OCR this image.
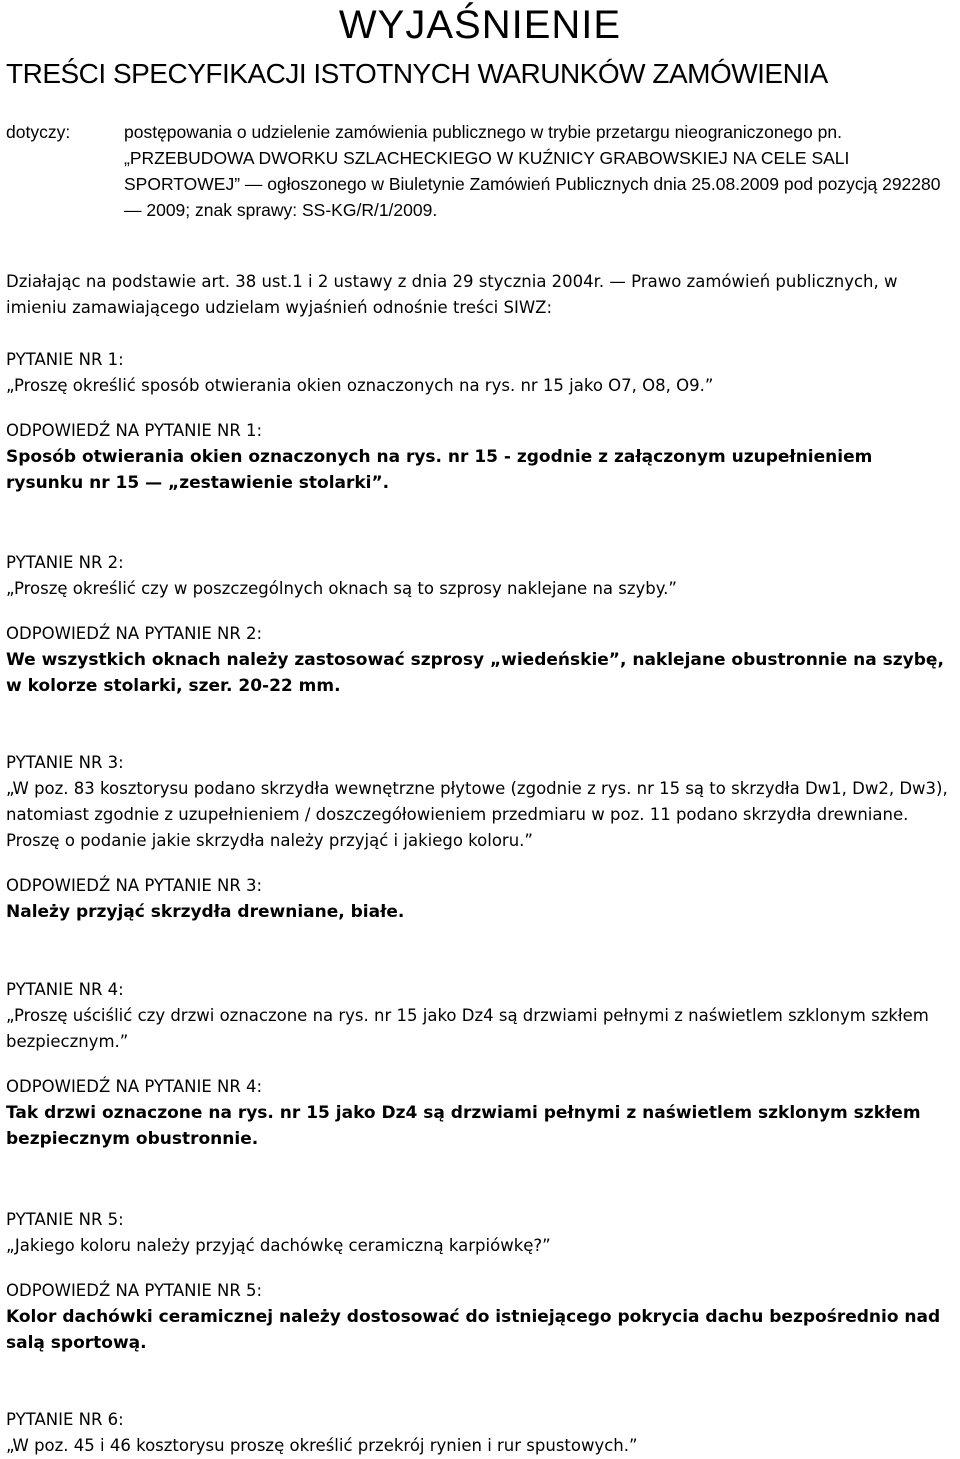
WYJAŚNIENIE
TREŚCI SPECYFIKACJI ISTOTNYCH WARUNKÓW ZAMÓWIENIA
dotyczy:	postępowania o udzielenie zamówienia publicznego w trybie przetargu nieograniczonego pn. „PRZEBUDOWA DWORKU SZLACHECKIEGO W KUŹNICY GRABOWSKIEJ NA CELE SALI SPORTOWEJ” — ogłoszonego w Biuletynie Zamówień Publicznych dnia 25.08.2009 pod pozycją 292280 — 2009; znak sprawy: SS-KG/R/1/2009.
Działając na podstawie art. 38 ust.1 i 2 ustawy z dnia 29 stycznia 2004r. — Prawo zamówień publicznych, w imieniu zamawiającego udzielam wyjaśnień odnośnie treści SIWZ:
PYTANIE NR 1:
„Proszę określić sposób otwierania okien oznaczonych na rys. nr 15 jako O7, O8, O9.”
ODPOWIEDŹ NA PYTANIE NR 1:
Sposób otwierania okien oznaczonych na rys. nr 15 - zgodnie z załączonym uzupełnieniem rysunku nr 15 — „zestawienie stolarki”.
PYTANIE NR 2:
„Proszę określić czy w poszczególnych oknach są to szprosy naklejane na szyby.”
ODPOWIEDŹ NA PYTANIE NR 2:
We wszystkich oknach należy zastosować szprosy „wiedeńskie”, naklejane obustronnie na szybę, w kolorze stolarki, szer. 20-22 mm.
PYTANIE NR 3:
„W poz. 83 kosztorysu podano skrzydła wewnętrzne płytowe (zgodnie z rys. nr 15 są to skrzydła Dw1, Dw2, Dw3), natomiast zgodnie z uzupełnieniem / doszczegółowieniem przedmiaru w poz. 11 podano skrzydła drewniane. Proszę o podanie jakie skrzydła należy przyjąć i jakiego koloru.”
ODPOWIEDŹ NA PYTANIE NR 3:
Należy przyjąć skrzydła drewniane, białe.
PYTANIE NR 4:
„Proszę uściślić czy drzwi oznaczone na rys. nr 15 jako Dz4 są drzwiami pełnymi z naświetlem szklonym szkłem bezpiecznym.”
ODPOWIEDŹ NA PYTANIE NR 4:
Tak drzwi oznaczone na rys. nr 15 jako Dz4 są drzwiami pełnymi z naświetlem szklonym szkłem bezpiecznym obustronnie.
PYTANIE NR 5:
„Jakiego koloru należy przyjąć dachówkę ceramiczną karpiówkę?”
ODPOWIEDŹ NA PYTANIE NR 5:
Kolor dachówki ceramicznej należy dostosować do istniejącego pokrycia dachu bezpośrednio nad salą sportową.
PYTANIE NR 6:
„W poz. 45 i 46 kosztorysu proszę określić przekrój rynien i rur spustowych.”
